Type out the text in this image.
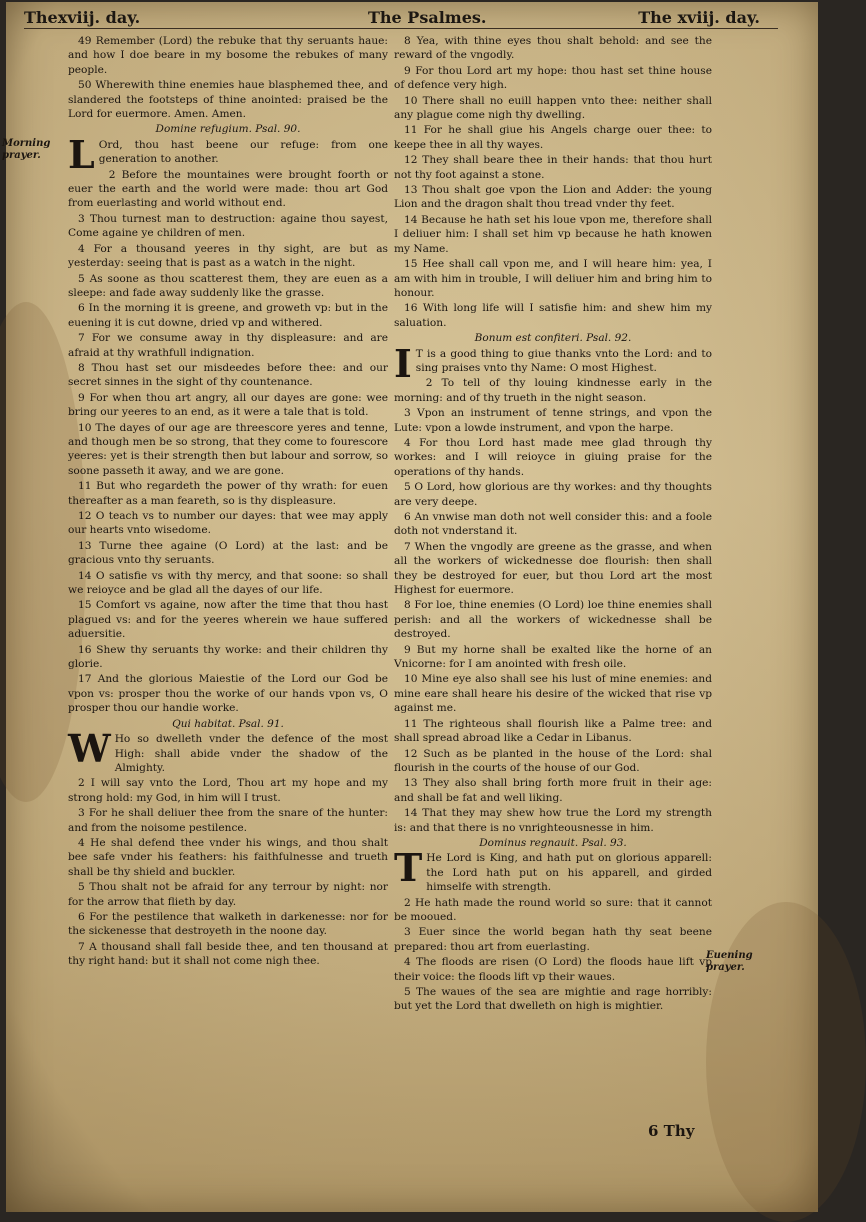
Thexviij. day.	The Psalmes.	The xviij. day.
Morning prayer.
Euening prayer.

49 Remember (Lord) the rebuke that thy seruants haue: and how I doe beare in my bosome the rebukes of many people.

50 Wherewith thine enemies haue blasphemed thee, and slandered the footsteps of thine anointed: praised be the Lord for euermore. Amen. Amen.

Domine refugium. Psal. 90.

L Ord, thou hast beene our refuge: from one generation to another.

2 Before the mountaines were brought foorth or euer the earth and the world were made: thou art God from euerlasting and world without end.

3 Thou turnest man to destruction: againe thou sayest, Come againe ye children of men.

4 For a thousand yeeres in thy sight, are but as yesterday: seeing that is past as a watch in the night.

5 As soone as thou scatterest them, they are euen as a sleepe: and fade away suddenly like the grasse.

6 In the morning it is greene, and groweth vp: but in the euening it is cut downe, dried vp and withered.

7 For we consume away in thy displeasure: and are afraid at thy wrathfull indignation.

8 Thou hast set our misdeedes before thee: and our secret sinnes in the sight of thy countenance.

9 For when thou art angry, all our dayes are gone: wee bring our yeeres to an end, as it were a tale that is told.

10 The dayes of our age are threescore yeres and tenne, and though men be so strong, that they come to fourescore yeeres: yet is their strength then but labour and sorrow, so soone passeth it away, and we are gone.

11 But who regardeth the power of thy wrath: for euen thereafter as a man feareth, so is thy displeasure.

12 O teach vs to number our dayes: that wee may apply our hearts vnto wisedome.

13 Turne thee againe (O Lord) at the last: and be gracious vnto thy seruants.

14 O satisfie vs with thy mercy, and that soone: so shall we reioyce and be glad all the dayes of our life.

15 Comfort vs againe, now after the time that thou hast plagued vs: and for the yeeres wherein we haue suffered aduersitie.

16 Shew thy seruants thy worke: and their children thy glorie.

17 And the glorious Maiestie of the Lord our God be vpon vs: prosper thou the worke of our hands vpon vs, O prosper thou our handie worke.

Qui habitat. Psal. 91.

W Ho so dwelleth vnder the defence of the most High: shall abide vnder the shadow of the Almighty.

2 I will say vnto the Lord, Thou art my hope and my strong hold: my God, in him will I trust.

3 For he shall deliuer thee from the snare of the hunter: and from the noisome pestilence.

4 He shal defend thee vnder his wings, and thou shalt bee safe vnder his feathers: his faithfulnesse and trueth shall be thy shield and buckler.

5 Thou shalt not be afraid for any terrour by night: nor for the arrow that flieth by day.

6 For the pestilence that walketh in darkenesse: nor for the sickenesse that destroyeth in the noone day.

7 A thousand shall fall beside thee, and ten thousand at thy right hand: but it shall not come nigh thee.

8 Yea, with thine eyes thou shalt behold: and see the reward of the vngodly.

9 For thou Lord art my hope: thou hast set thine house of defence very high.

10 There shall no euill happen vnto thee: neither shall any plague come nigh thy dwelling.

11 For he shall giue his Angels charge ouer thee: to keepe thee in all thy wayes.

12 They shall beare thee in their hands: that thou hurt not thy foot against a stone.

13 Thou shalt goe vpon the Lion and Adder: the young Lion and the dragon shalt thou tread vnder thy feet.

14 Because he hath set his loue vpon me, therefore shall I deliuer him: I shall set him vp because he hath knowen my Name.

15 Hee shall call vpon me, and I will heare him: yea, I am with him in trouble, I will deliuer him and bring him to honour.

16 With long life will I satisfie him: and shew him my saluation.

Bonum est confiteri. Psal. 92.

I T is a good thing to giue thanks vnto the Lord: and to sing praises vnto thy Name: O most Highest.

2 To tell of thy louing kindnesse early in the morning: and of thy trueth in the night season.

3 Vpon an instrument of tenne strings, and vpon the Lute: vpon a lowde instrument, and vpon the harpe.

4 For thou Lord hast made mee glad through thy workes: and I will reioyce in giuing praise for the operations of thy hands.

5 O Lord, how glorious are thy workes: and thy thoughts are very deepe.

6 An vnwise man doth not well consider this: and a foole doth not vnderstand it.

7 When the vngodly are greene as the grasse, and when all the workers of wickednesse doe flourish: then shall they be destroyed for euer, but thou Lord art the most Highest for euermore.

8 For loe, thine enemies (O Lord) loe thine enemies shall perish: and all the workers of wickednesse shall be destroyed.

9 But my horne shall be exalted like the horne of an Vnicorne: for I am anointed with fresh oile.

10 Mine eye also shall see his lust of mine enemies: and mine eare shall heare his desire of the wicked that rise vp against me.

11 The righteous shall flourish like a Palme tree: and shall spread abroad like a Cedar in Libanus.

12 Such as be planted in the house of the Lord: shal flourish in the courts of the house of our God.

13 They also shall bring forth more fruit in their age: and shall be fat and well liking.

14 That they may shew how true the Lord my strength is: and that there is no vnrighteousnesse in him.

Dominus regnauit. Psal. 93.

T He Lord is King, and hath put on glorious apparell: the Lord hath put on his apparell, and girded himselfe with strength.

2 He hath made the round world so sure: that it cannot be mooued.

3 Euer since the world began hath thy seat beene prepared: thou art from euerlasting.

4 The floods are risen (O Lord) the floods haue lift vp their voice: the floods lift vp their waues.

5 The waues of the sea are mightie and rage horribly: but yet the Lord that dwelleth on high is mightier.

6 Thy
